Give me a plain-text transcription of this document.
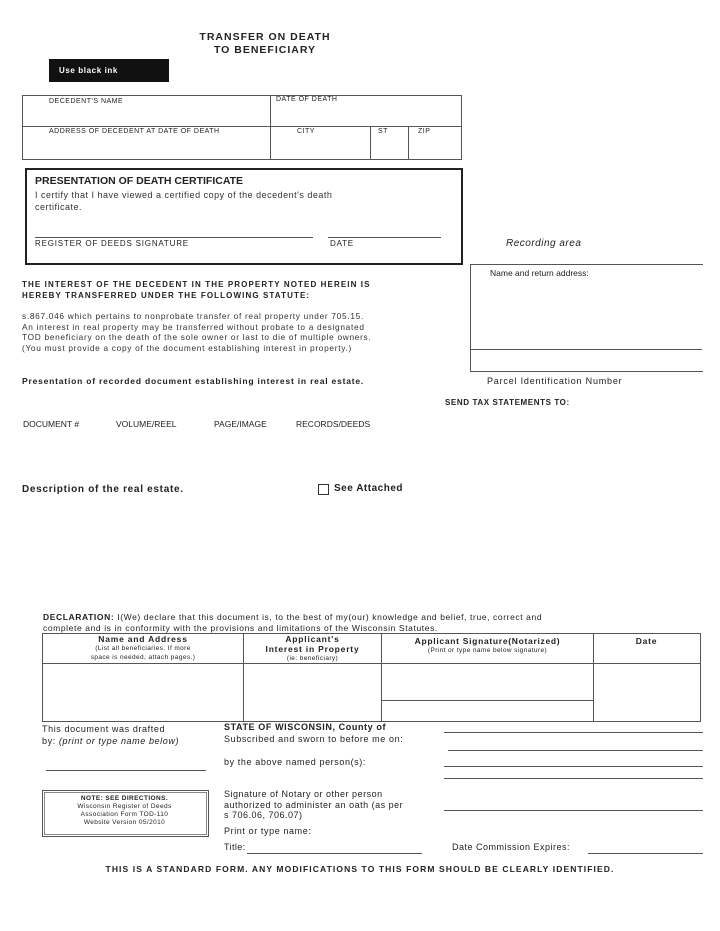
TRANSFER ON DEATH
TO BENEFICIARY
Use black ink
DECEDENT'S NAME	DATE OF DEATH
ADDRESS OF DECEDENT AT DATE OF DEATH	CITY	ST	ZIP
PRESENTATION OF DEATH CERTIFICATE
I certify that I have viewed a certified copy of the decedent's death
certificate.
REGISTER OF DEEDS SIGNATURE	DATE	Recording area
Name and return address:
Parcel Identification Number
THE INTEREST OF THE DECEDENT IN THE PROPERTY NOTED HEREIN IS
HEREBY TRANSFERRED UNDER THE FOLLOWING STATUTE:
s.867.046 which pertains to nonprobate transfer of real property under 705.15.
An interest in real property may be transferred without probate to a designated
TOD beneficiary on the death of the sole owner or last to die of multiple owners.
(You must provide a copy of the document establishing interest in property.)
Presentation of recorded document establishing interest in real estate.
SEND TAX STATEMENTS TO:
DOCUMENT #	VOLUME/REEL	PAGE/IMAGE	RECORDS/DEEDS
Description of the real estate.	See Attached
DECLARATION: I(We) declare that this document is, to the best of my(our) knowledge and belief, true, correct and
complete and is in conformity with the provisions and limitations of the Wisconsin Statutes.
Name and Address
(List all beneficiaries. If more
space is needed, attach pages.)
Applicant's
Interest in Property
(ie: beneficiary)
Applicant Signature(Notarized)
(Print or type name below signature)
Date
This document was drafted
by: (print or type name below)
NOTE: SEE DIRECTIONS.
Wisconsin Register of Deeds
Association Form TOD-110
Website Version 05/2010
STATE OF WISCONSIN, County of
Subscribed and sworn to before me on:
by the above named person(s):
Signature of Notary or other person
authorized to administer an oath (as per
s 706.06, 706.07)
Print or type name:
Title:	Date Commission Expires:
THIS IS A STANDARD FORM. ANY MODIFICATIONS TO THIS FORM SHOULD BE CLEARLY IDENTIFIED.
